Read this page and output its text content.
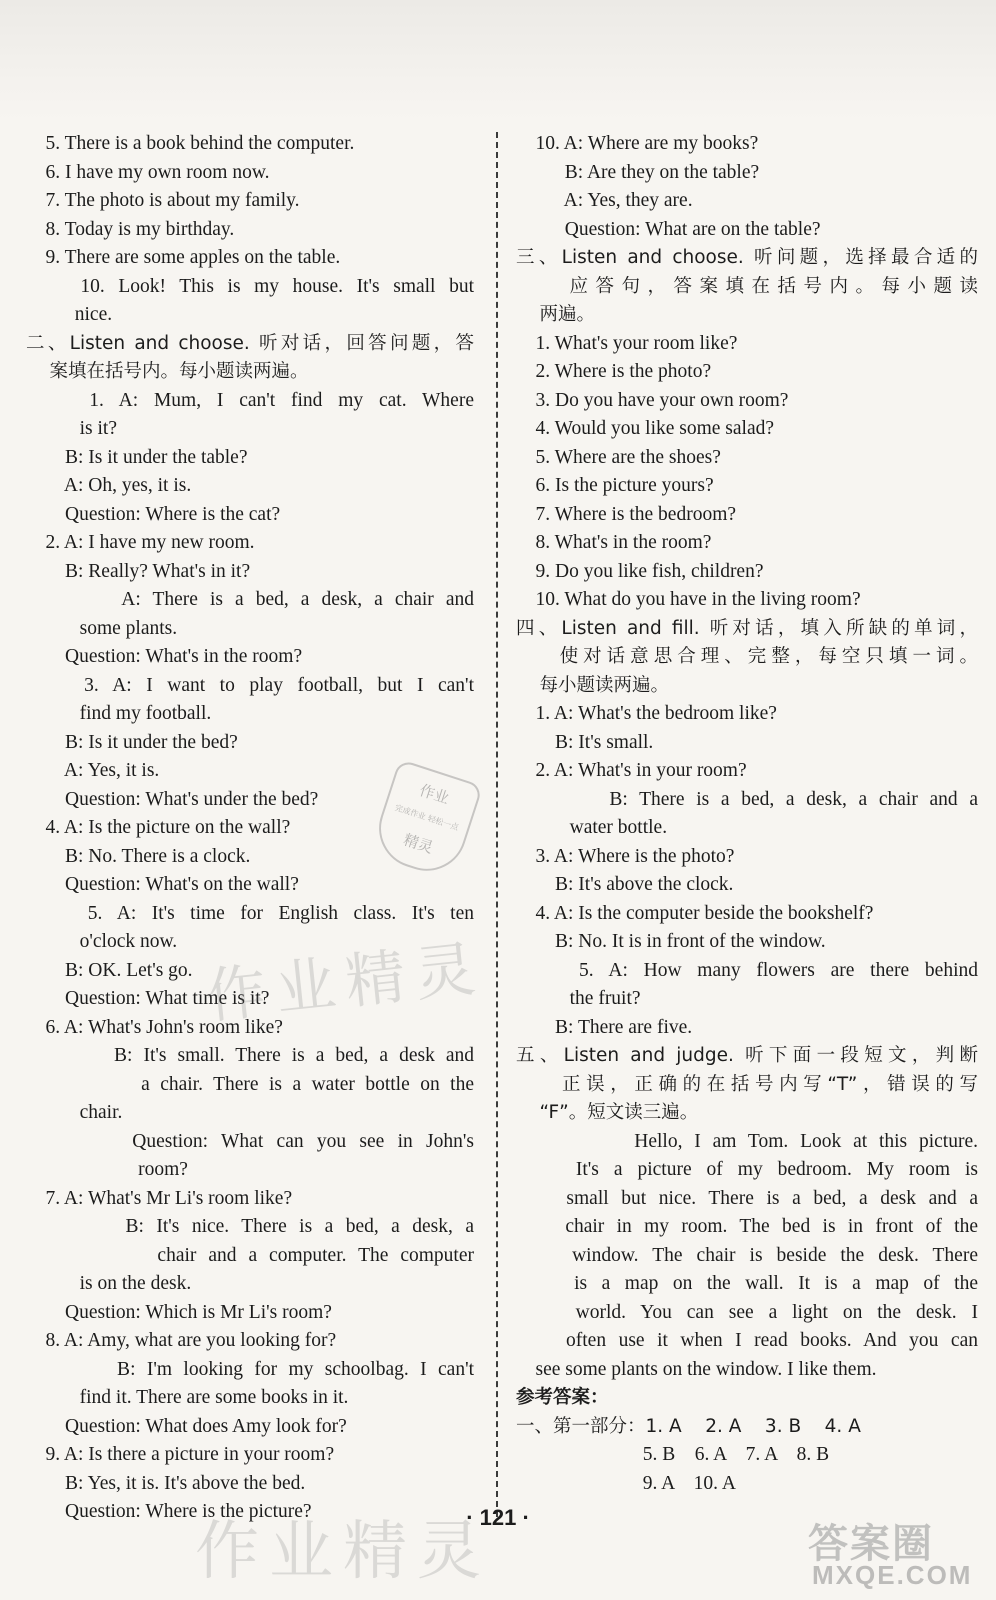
5. There is a book behind the computer.
6. I have my own room now.
7. The photo is about my family.
8. Today is my birthday.
9. There are some apples on the table.
10. Look! This is my house. It's small but
nice.
二、Listen and choose. 听对话，回答问题，答
案填在括号内。每小题读两遍。
1. A: Mum, I can't find my cat. Where
is it?
B: Is it under the table?
A: Oh, yes, it is.
Question: Where is the cat?
2. A: I have my new room.
B: Really? What's in it?
A: There is a bed, a desk, a chair and
some plants.
Question: What's in the room?
3. A: I want to play football, but I can't
find my football.
B: Is it under the bed?
A: Yes, it is.
Question: What's under the bed?
4. A: Is the picture on the wall?
B: No. There is a clock.
Question: What's on the wall?
5. A: It's time for English class. It's ten
o'clock now.
B: OK. Let's go.
Question: What time is it?
6. A: What's John's room like?
B: It's small. There is a bed, a desk and
a chair. There is a water bottle on the
chair.
Question: What can you see in John's
room?
7. A: What's Mr Li's room like?
B: It's nice. There is a bed, a desk, a
chair and a computer. The computer
is on the desk.
Question: Which is Mr Li's room?
8. A: Amy, what are you looking for?
B: I'm looking for my schoolbag. I can't
find it. There are some books in it.
Question: What does Amy look for?
9. A: Is there a picture in your room?
B: Yes, it is. It's above the bed.
Question: Where is the picture?
10. A: Where are my books?
B: Are they on the table?
A: Yes, they are.
Question: What are on the table?
三、Listen and choose. 听问题，选择最合适的
应答句，答案填在括号内。每小题读
两遍。
1. What's your room like?
2. Where is the photo?
3. Do you have your own room?
4. Would you like some salad?
5. Where are the shoes?
6. Is the picture yours?
7. Where is the bedroom?
8. What's in the room?
9. Do you like fish, children?
10. What do you have in the living room?
四、Listen and fill. 听对话，填入所缺的单词，
使对话意思合理、完整，每空只填一词。
每小题读两遍。
1. A: What's the bedroom like?
B: It's small.
2. A: What's in your room?
B: There is a bed, a desk, a chair and a
water bottle.
3. A: Where is the photo?
B: It's above the clock.
4. A: Is the computer beside the bookshelf?
B: No. It is in front of the window.
5. A: How many flowers are there behind
the fruit?
B: There are five.
五、Listen and judge. 听下面一段短文，判断
正误，正确的在括号内写“T”，错误的写
“F”。短文读三遍。
Hello, I am Tom. Look at this picture.
It's a picture of my bedroom. My room is
small but nice. There is a bed, a desk and a
chair in my room. The bed is in front of the
window. The chair is beside the desk. There
is a map on the wall. It is a map of the
world. You can see a light on the desk. I
often use it when I read books. And you can
see some plants on the window. I like them.
参考答案：
一、第一部分：1. A    2. A    3. B    4. A
5. B    6. A    7. A    8. B
9. A    10. A
作业
完成作业 轻松一点
精灵
作业精灵
作业精灵
· 121 ·
答案圈
MXQE.COM
